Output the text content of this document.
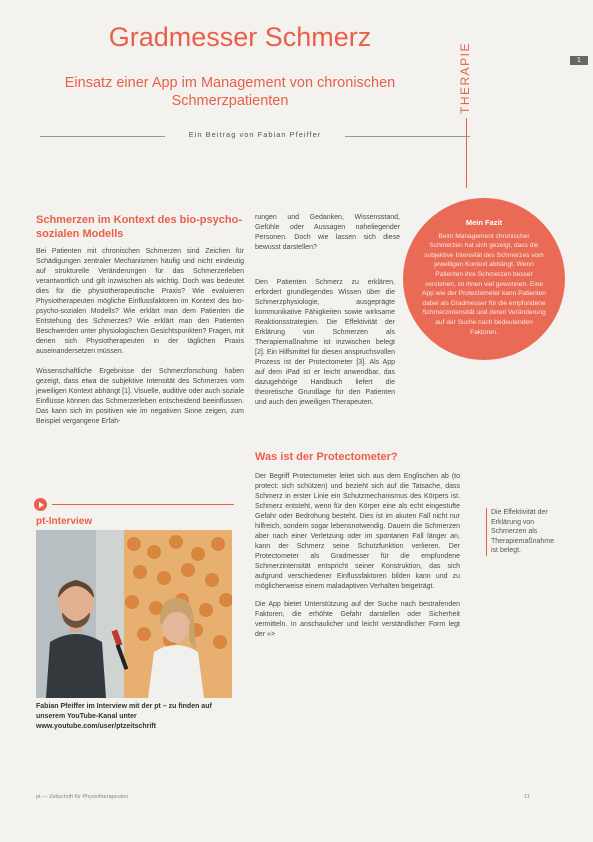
Gradmesser Schmerz
Einsatz einer App im Management von chronischen
Schmerzpatienten
Ein Beitrag von Fabian Pfeiffer
THERAPIE	1
Schmerzen im Kontext des bio-psycho-sozialen Modells

Bei Patienten mit chronischen Schmerzen sind Zeichen für Schädigungen zentraler Mechanismen häufig und nicht eindeutig auf strukturelle Veränderungen für das Schmerzerleben verantwortlich und gilt inzwischen als wichtig. Doch was bedeutet dies für die physiotherapeutische Praxis? Wie evaluieren Physiotherapeuten mögliche Einflussfaktoren im Kontext des bio-psycho-sozialen Modells? Wie erklärt man dem Patienten die Entstehung des Schmerzes? Wie erklärt man den Patienten Beschwerden unter physiologischen Gesichtspunkten? Fragen, mit denen sich Physiotherapeuten in der täglichen Praxis auseinandersetzen müssen.

Wissenschaftliche Ergebnisse der Schmerzforschung haben gezeigt, dass etwa die subjektive Intensität des Schmerzes vom jeweiligen Kontext abhängt [1]. Visuelle, auditive oder auch soziale Einflüsse können das Schmerzerleben entscheidend beeinflussen. Das kann sich im positiven wie im negativen Sinne zeigen, zum Beispiel vergangene Erfah-

rungen und Gedanken, Wissensstand, Gefühle oder Aussagen naheliegender Personen. Doch wie lassen sich diese bewusst darstellen?

Den Patienten Schmerz zu erklären, erfordert grundlegendes Wissen über die Schmerzphysiologie, ausgeprägte kommunikative Fähigkeiten sowie wirksame Reaktionsstrategien. Die Effektivität der Erklärung von Schmerzen als Therapiemaßnahme ist inzwischen belegt [2]. Ein Hilfsmittel für diesen anspruchsvollen Prozess ist der Protectometer [3]. Als App auf dem iPad ist er leicht anwendbar, das dazugehörige Handbuch liefert die theoretische Grundlage für den Patienten und auch den jeweiligen Therapeuten.

Was ist der Protectometer?

Der Begriff Protectometer leitet sich aus dem Englischen ab (to protect: sich schützen) und bezieht sich auf die Tatsache, dass Schmerz in erster Linie ein Schutzmechanismus des Körpers ist. Schmerz entsteht, wenn für den Körper eine als echt eingestufte Gefahr oder Bedrohung besteht. Dies ist im akuten Fall nicht nur hilfreich, sondern sogar lebensnotwendig. Dauern die Schmerzen aber nach einer Verletzung oder im spontanen Fall länger an, kann der Schmerz seine Schutzfunktion verlieren. Der Protectometer als Gradmesser für die empfundene Schmerzintensität entspricht seiner Konstruktion, das sich aufgrund verschiedener Einflussfaktoren bilden kann und zu möglicherweise einem maladaptiven Verhalten beigeträgt.

Die App bietet Unterstützung auf der Suche nach bestrafenden Faktoren, die erhöhte Gefahr darstellen oder Sicherheit vermitteln. In anschaulicher und leicht verständlicher Form legt der »>

Mein Fazit
Beim Management chronischer Schmerzen hat sich gezeigt, dass die subjektive Intensität des Schmerzes vom jeweiligen Kontext abhängt. Wenn Patienten ihre Schmerzen besser verstehen, ist ihnen viel gewonnen. Eine App wie der Protectometer kann Patienten dabei als Gradmesser für die empfundene Schmerzintensität und deren Veränderung auf der Suche nach bedeutenden Faktoren.
Die Effektivität der Erklärung von Schmerzen als Therapiemaßnahme ist belegt.
pt-Interview
Fabian Pfeiffer im Interview mit der pt – zu finden auf unserem YouTube-Kanal unter www.youtube.com/user/ptzeitschrift
pt — Zeitschrift für Physiotherapeuten	11
